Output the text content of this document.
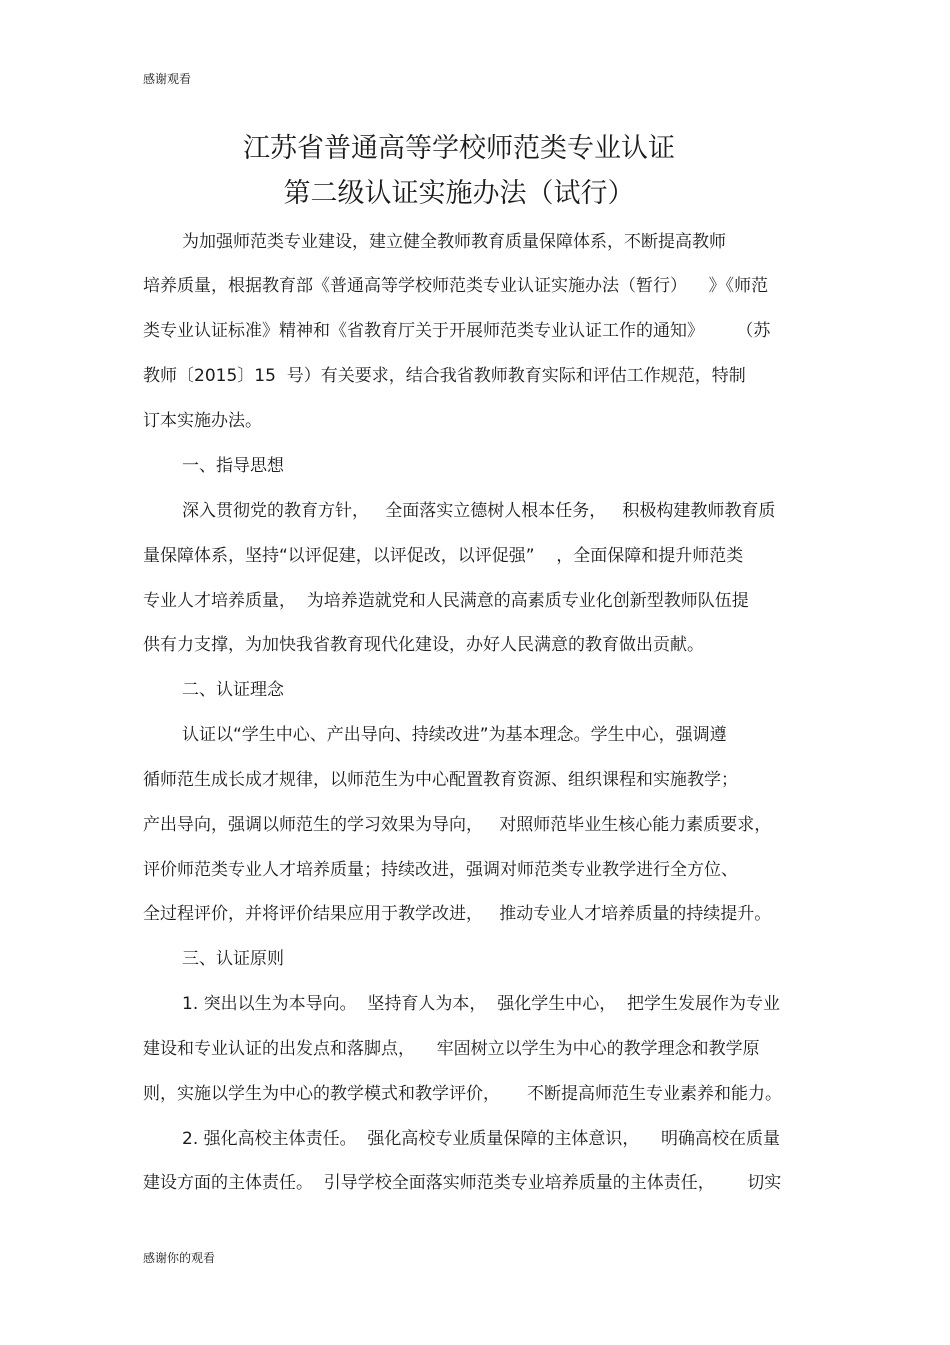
感谢观看
江苏省普通高等学校师范类专业认证
第二级认证实施办法（试行）
为加强师范类专业建设，建立健全教师教育质量保障体系，不断提高教师
培养质量，根据教育部《普通高等学校师范类专业认证实施办法（暂行）    》《师范
类专业认证标准》精神和《省教育厅关于开展师范类专业认证工作的通知》      （苏
教师〔2015〕15  号）有关要求，结合我省教师教育实际和评估工作规范，特制
订本实施办法。
一、指导思想
深入贯彻党的教育方针，   全面落实立德树人根本任务，   积极构建教师教育质
量保障体系，坚持“以评促建，以评促改，以评促强”    ，全面保障和提升师范类
专业人才培养质量，  为培养造就党和人民满意的高素质专业化创新型教师队伍提
供有力支撑，为加快我省教育现代化建设，办好人民满意的教育做出贡献。
二、认证理念
认证以“学生中心、产出导向、持续改进”为基本理念。学生中心，强调遵
循师范生成长成才规律，以师范生为中心配置教育资源、组织课程和实施教学；
产出导向，强调以师范生的学习效果为导向，   对照师范毕业生核心能力素质要求，
评价师范类专业人才培养质量；持续改进，强调对师范类专业教学进行全方位、
全过程评价，并将评价结果应用于教学改进，   推动专业人才培养质量的持续提升。
三、认证原则
1. 突出以生为本导向。  坚持育人为本，  强化学生中心，  把学生发展作为专业
建设和专业认证的出发点和落脚点，    牢固树立以学生为中心的教学理念和教学原
则，实施以学生为中心的教学模式和教学评价，     不断提高师范生专业素养和能力。
2. 强化高校主体责任。  强化高校专业质量保障的主体意识，    明确高校在质量
建设方面的主体责任。  引导学校全面落实师范类专业培养质量的主体责任，      切实
感谢你的观看
